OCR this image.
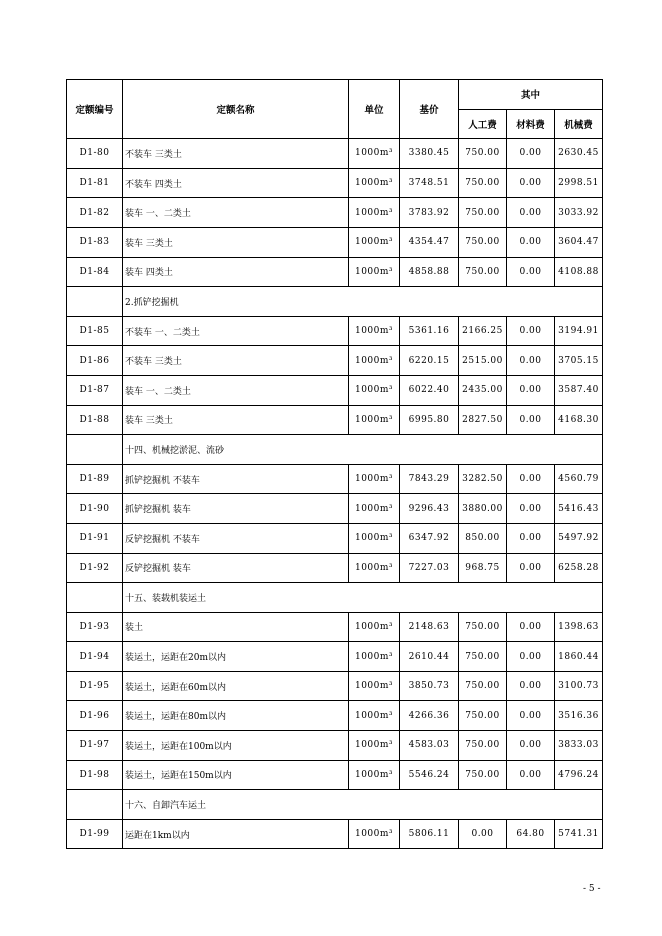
定额编号	定额名称	单位	基价	其中		
				人工费	材料费	机械费
D1-80	不装车 三类土	1000m³	3380.45	750.00	0.00	2630.45
D1-81	不装车 四类土	1000m³	3748.51	750.00	0.00	2998.51
D1-82	装车 一、二类土	1000m³	3783.92	750.00	0.00	3033.92
D1-83	装车 三类土	1000m³	4354.47	750.00	0.00	3604.47
D1-84	装车 四类土	1000m³	4858.88	750.00	0.00	4108.88
	2.抓铲挖掘机					
D1-85	不装车 一、二类土	1000m³	5361.16	2166.25	0.00	3194.91
D1-86	不装车 三类土	1000m³	6220.15	2515.00	0.00	3705.15
D1-87	装车 一、二类土	1000m³	6022.40	2435.00	0.00	3587.40
D1-88	装车 三类土	1000m³	6995.80	2827.50	0.00	4168.30
	十四、机械挖淤泥、流砂					
D1-89	抓铲挖掘机 不装车	1000m³	7843.29	3282.50	0.00	4560.79
D1-90	抓铲挖掘机 装车	1000m³	9296.43	3880.00	0.00	5416.43
D1-91	反铲挖掘机 不装车	1000m³	6347.92	850.00	0.00	5497.92
D1-92	反铲挖掘机 装车	1000m³	7227.03	968.75	0.00	6258.28
	十五、装载机装运土					
D1-93	装土	1000m³	2148.63	750.00	0.00	1398.63
D1-94	装运土，运距在20m以内	1000m³	2610.44	750.00	0.00	1860.44
D1-95	装运土，运距在60m以内	1000m³	3850.73	750.00	0.00	3100.73
D1-96	装运土，运距在80m以内	1000m³	4266.36	750.00	0.00	3516.36
D1-97	装运土，运距在100m以内	1000m³	4583.03	750.00	0.00	3833.03
D1-98	装运土，运距在150m以内	1000m³	5546.24	750.00	0.00	4796.24
	十六、自卸汽车运土					
D1-99	运距在1km以内	1000m³	5806.11	0.00	64.80	5741.31
- 5 -
